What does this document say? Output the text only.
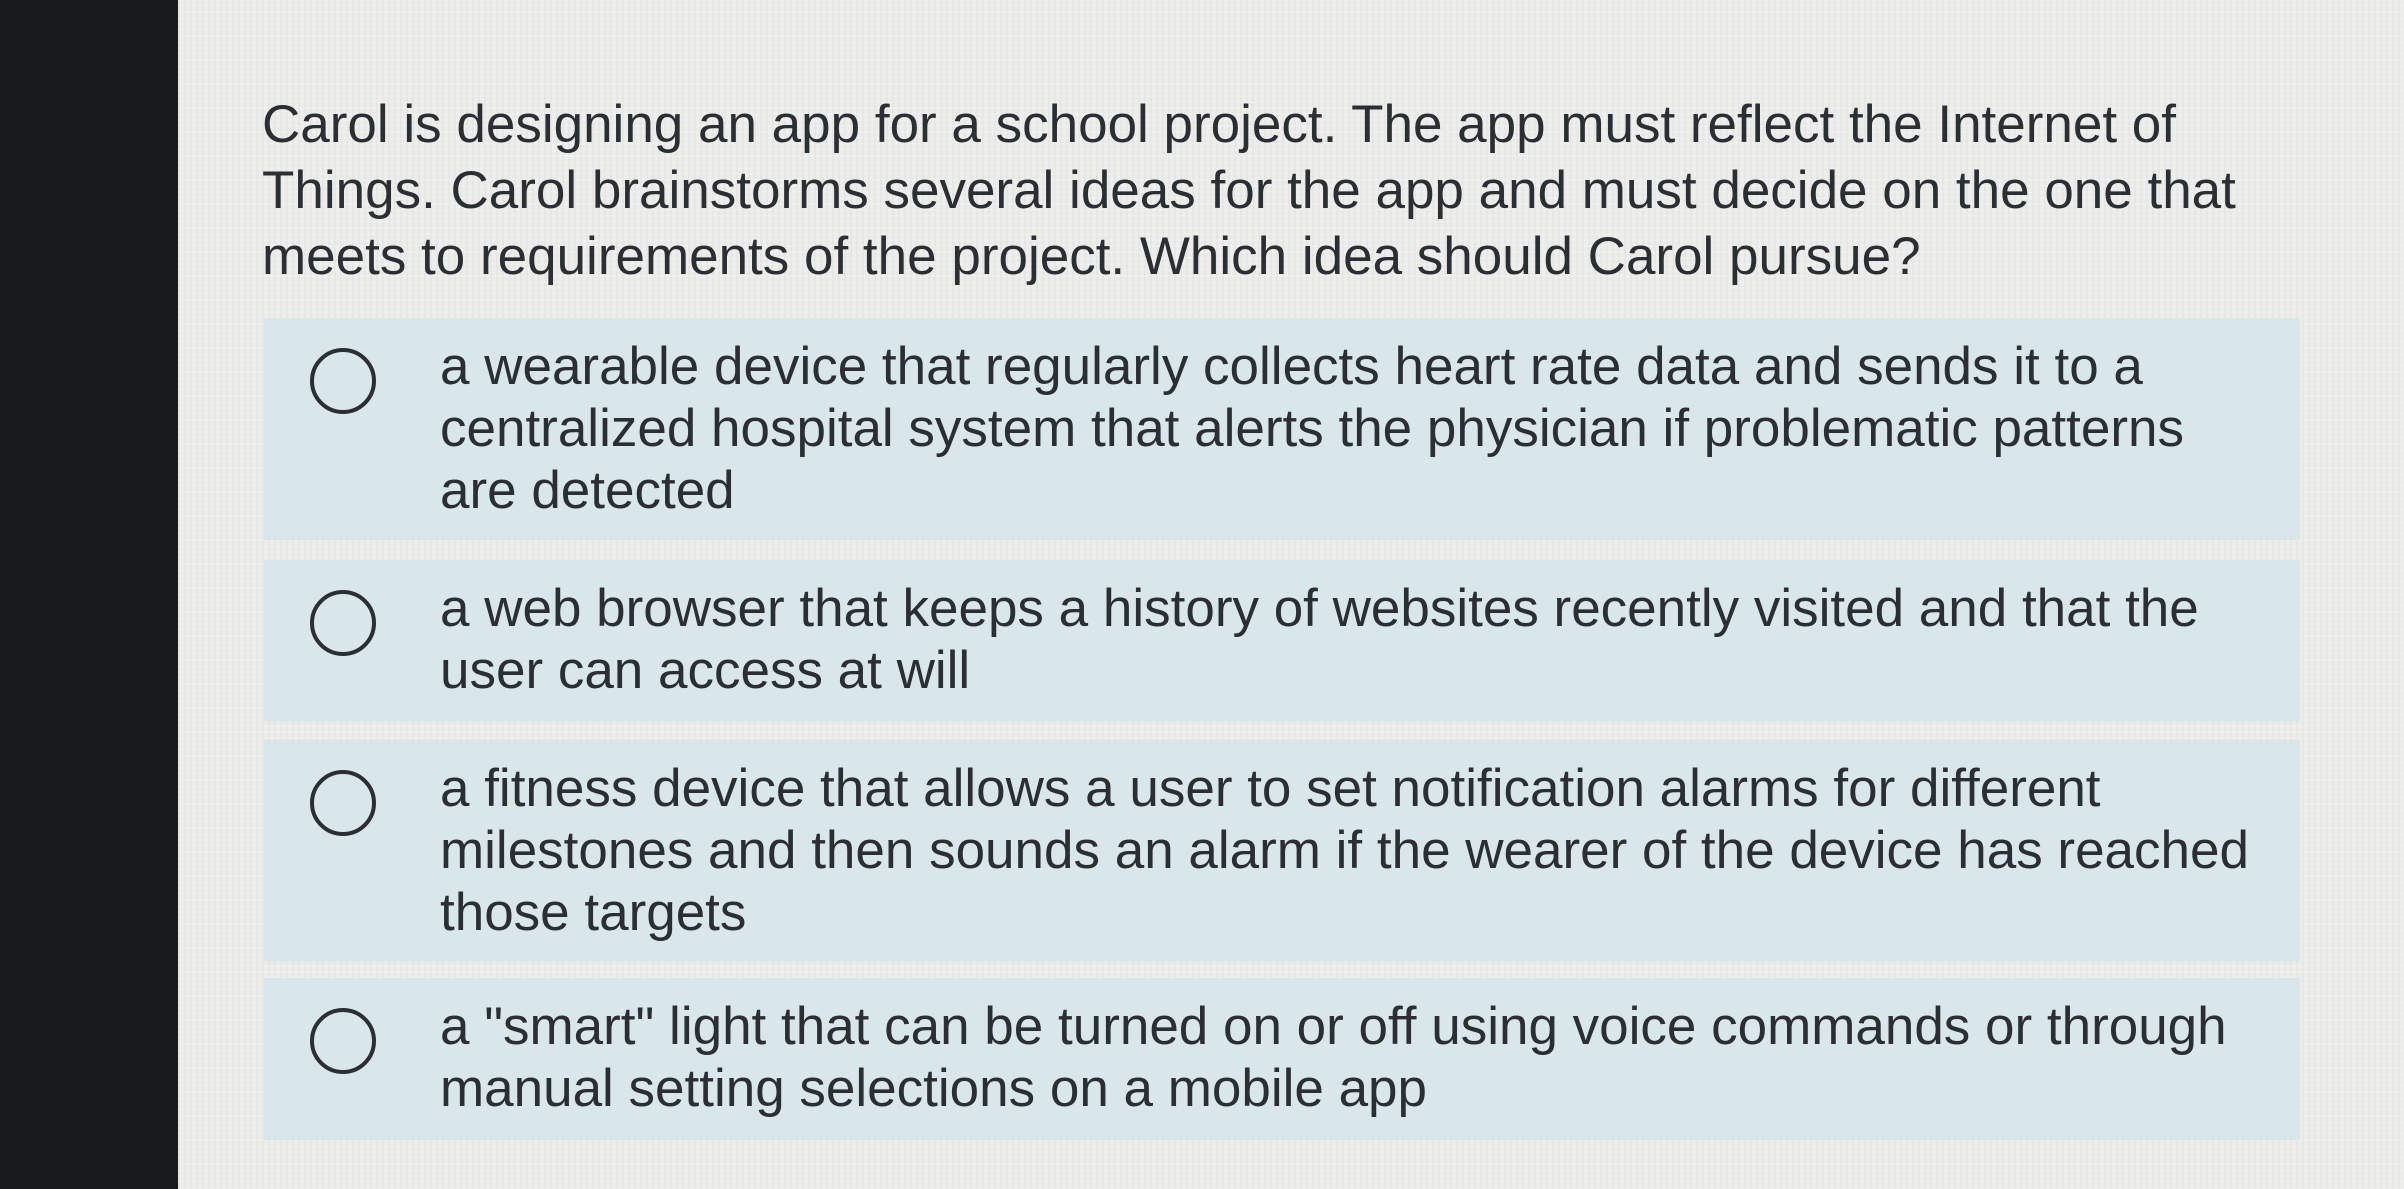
Carol is designing an app for a school project. The app must reflect the Internet of Things. Carol brainstorms several ideas for the app and must decide on the one that meets to requirements of the project. Which idea should Carol pursue?

a wearable device that regularly collects heart rate data and sends it to a centralized hospital system that alerts the physician if problematic patterns are detected
a web browser that keeps a history of websites recently visited and that the user can access at will
a fitness device that allows a user to set notification alarms for different milestones and then sounds an alarm if the wearer of the device has reached those targets
a "smart" light that can be turned on or off using voice commands or through manual setting selections on a mobile app
